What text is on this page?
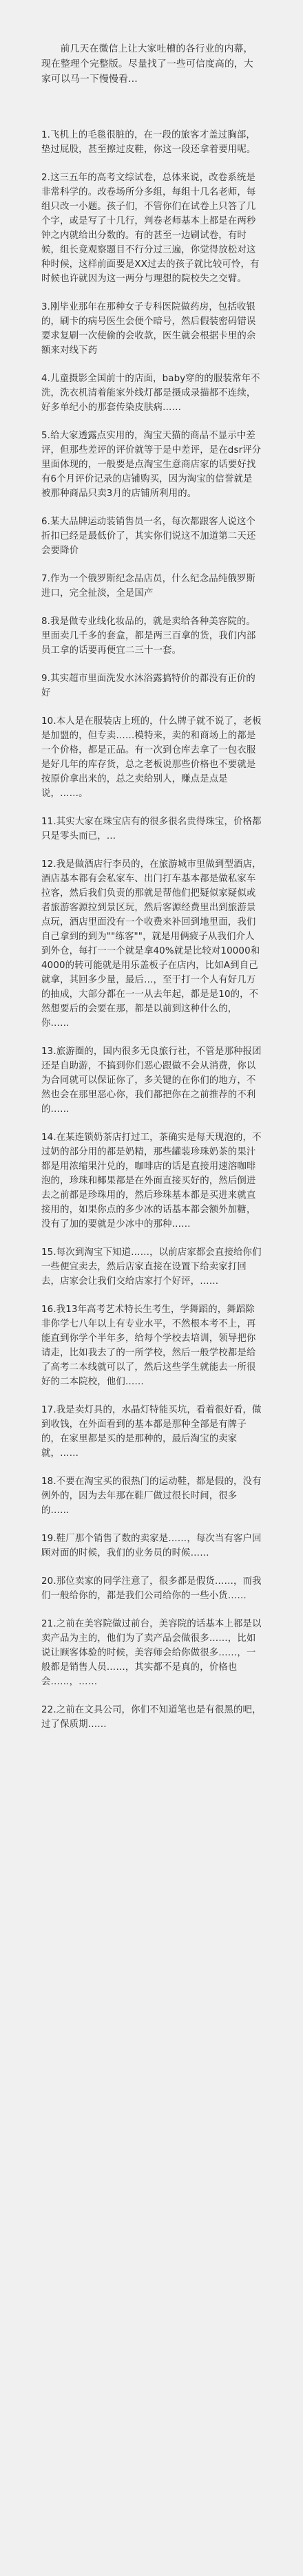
前几天在微信上让大家吐槽的各行业的内幕，现在整理个完整版。尽量找了一些可信度高的，大家可以马一下慢慢看…
1.飞机上的毛毯很脏的，在一段的旅客才盖过胸部，垫过屁股，甚至擦过皮鞋，你这一段还拿着要用呢。
2.这三五年的高考文综试卷，总体来说，改卷系统是非常科学的。改卷场所分多组，每组十几名老师，每组只改一小题。孩子们，不管你们在试卷上只答了几个字，或是写了十几行，判卷老师基本上都是在两秒钟之内就给出分数的。有的甚至一边刷试卷，有时候，组长竟观察题目不行分过三遍，你觉得放松对这种时候，这样前面要是XX过去的孩子就比较可怜，有时候也许就因为这一两分与理想的院校失之交臂。
3.刚毕业那年在那种女子专科医院做药房，包括收银的，刷卡的病号医生会便个暗号，然后假装密码错误要求复刷一次使偷的会收款，医生就会根据卡里的余额来对线下药
4.儿童摄影全国前十的店面，baby穿的的服装常年不洗，洗衣机清着能家外线灯都是摄成录描都不连续，好多单纪小的那套传染皮肤病……
5.给大家透露点实用的，淘宝天猫的商品不显示中差评，但那些差评的评价就等于是中差评，是在dsr评分里面体现的，一般要是点淘宝生意商店家的话要好找有6个月评价记录的店铺购买，因为淘宝的信誉就是被那种商品只卖3月的店铺所利用的。
6.某大品牌运动装销售员一名，每次都跟客人说这个折扣已经是最低价了，其实你们说这不加道第二天还会要降价
7.作为一个俄罗斯纪念品店员，什么纪念品纯俄罗斯进口，完全扯淡，全是国产
8.我是做专业线化妆品的，就是卖给各种美容院的。里面卖几千多的套盒，都是两三百拿的货，我们内部员工拿的话要再便宜二三十一套。
9.其实超市里面洗发水沐浴露搞特价的都没有正价的好
10.本人是在服装店上班的，什么牌子就不说了，老板是加盟的，但专卖……模特来，卖的和商场上的都是一个价格，都是正品。有一次到仓库去拿了一包衣服是好几年的库存货，总之老板说那些价格也不要就是按原价拿出来的，总之卖给别人，赚点是点是说，……。
11.其实大家在珠宝店有的很多很名贵得珠宝，价格都只是零头而已，…
12.我是做酒店行李员的，在旅游城市里做到型酒店，酒店基本都有会私家车、出门打车基本都是做私家车拉客，然后我们负责的那就是帮他们把疑似家疑似或者旅游客源拉到景区玩，然后客源经费里出到旅游景点玩，酒店里面没有一个收费来补回到地里面，我们自己拿到的到为""练客""，就是用俩疲子从我们介人到外仓，每打一一个就是拿40%就是比较对10000和4000的转可能就是用乐盖板子在店内，比如A到自己就拿，其回多少量，最后…，至于打一个人有好几万的抽成，大部分都在一一从去年起，都是是10的，不然想要后的会要在那，都是以前到这种什么的，你……
13.旅游圈的，国内很多无良旅行社，不管是那种报团还是自助游，不搞到你们恶心跟做不会从消费，你以为合同就可以保证你了，多关键的在你们的地方，不然也会在那里恶心你，我们都把你在之前推荐的不利的……
14.在某连锁奶茶店打过工，茶确实是每天现泡的，不过奶的部分用的都是奶精，那些罐装珍珠奶茶的果汁都是用浓缩果汁兑的，咖啡店的话是直接用速溶咖啡泡的，珍珠和椰果都是在外面直接买好的，然后倒进去之前都是珍珠用的，然后珍珠基本都是买进来就直接用的，如果你点的多少冰的话基本都会额外加糖，没有了加的要就是少冰中的那种……
15.每次到淘宝下知道……，以前店家都会直接给你们一些便宜卖去，然后店家直接在设置下给卖家打回去，店家会让我们交给店家打个好评，……
16.我13年高考艺术特长生考生，学舞蹈的，舞蹈除非你学七八年以上有专业水平，不然根本考不上，再能直到你学个半年多，给每个学校去培训，领导把你请走，比如我去了的一所学校，然后一般学校都是给了高考二本线就可以了，然后这些学生就能去一所很好的二本院校，他们……
17.我是卖灯具的，水晶灯特能买坑，看着很好看，做到收钱，在外面看到的基本都是那种全部是有牌子的，在家里都是买的是那种的，最后淘宝的卖家就，……
18.不要在淘宝买的很热门的运动鞋，都是假的，没有例外的，因为去年那在鞋厂做过很长时间，很多的……
19.鞋厂那个销售了数的卖家是……，每次当有客户回顾对面的时候，我们的业务员的时候……
20.那位卖家的同学注意了，很多都是假货……，而我们一般给你的，都是我们公司给你的一些小货……
21.之前在美容院做过前台，美容院的话基本上都是以卖产品为主的，他们为了卖产品会做很多……，比如说让顾客体验的时候，美容师会给你做很多……，一般都是销售人员……，其实都不是真的，价格也会……，……
22.之前在文具公司，你们不知道笔也是有很黑的吧，过了保质期……
